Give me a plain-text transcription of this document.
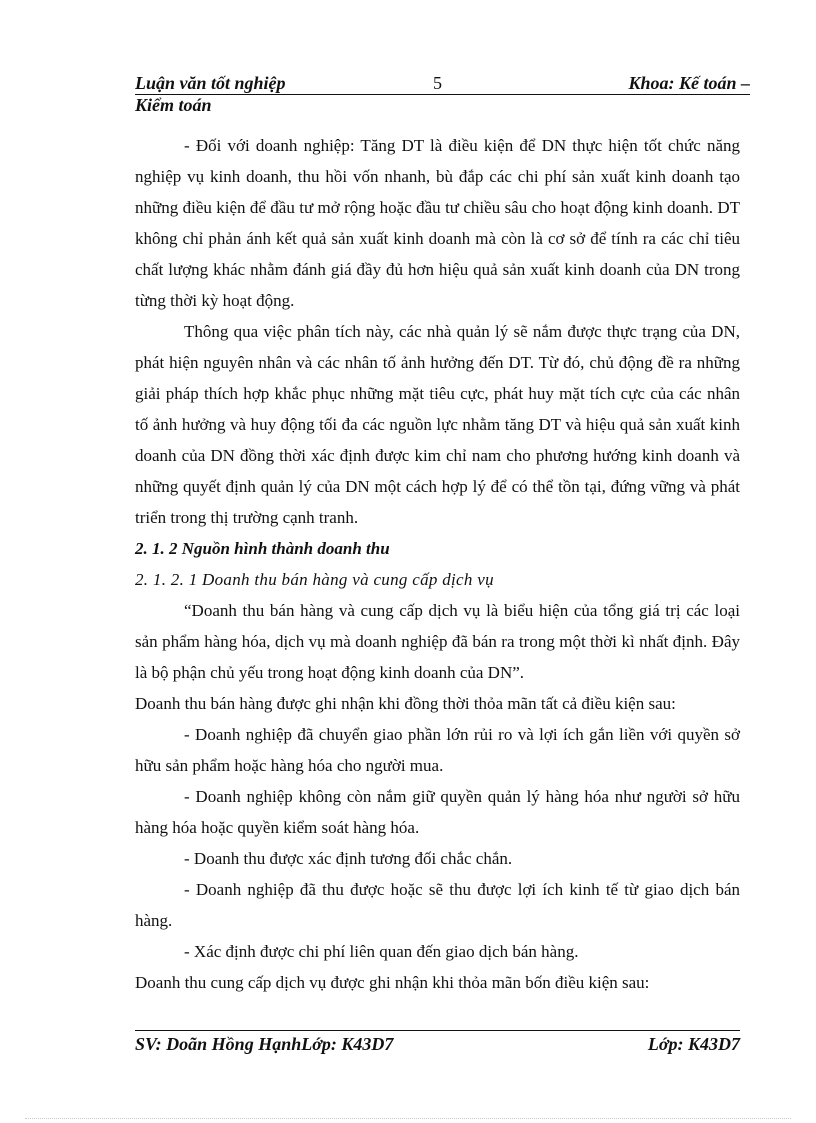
Luận văn tốt nghiệp	5	Khoa: Kế toán –
Kiểm toán

- Đối với doanh nghiệp: Tăng DT là điều kiện để DN thực hiện tốt chức năng nghiệp vụ kinh doanh, thu hồi vốn nhanh, bù đắp các chi phí sản xuất kinh doanh tạo những điều kiện để đầu tư mở rộng hoặc đầu tư chiều sâu cho hoạt động kinh doanh. DT không chỉ phản ánh kết quả sản xuất kinh doanh mà còn là cơ sở để tính ra các chỉ tiêu chất lượng khác nhằm đánh giá đầy đủ hơn hiệu quả sản xuất kinh doanh của DN trong từng thời kỳ hoạt động.

Thông qua việc phân tích này, các nhà quản lý sẽ nắm được thực trạng của DN, phát hiện nguyên nhân và các nhân tố ảnh hưởng đến DT. Từ đó, chủ động đề ra những giải pháp thích hợp khắc phục những mặt tiêu cực, phát huy mặt tích cực của các nhân tố ảnh hưởng và huy động tối đa các nguồn lực nhằm tăng DT và hiệu quả sản xuất kinh doanh của DN đồng thời xác định được kim chỉ nam cho phương hướng kinh doanh và những quyết định quản lý của DN một cách hợp lý để có thể tồn tại, đứng vững và phát triển trong thị trường cạnh tranh.

2. 1. 2 Nguồn hình thành doanh thu

2. 1. 2. 1 Doanh thu bán hàng và cung cấp dịch vụ

“Doanh thu bán hàng và cung cấp dịch vụ là biểu hiện của tổng giá trị các loại sản phẩm hàng hóa, dịch vụ mà doanh nghiệp đã bán ra trong một thời kì nhất định. Đây là bộ phận chủ yếu trong hoạt động kinh doanh của DN”.

Doanh thu bán hàng được ghi nhận khi đồng thời thỏa mãn tất cả điều kiện sau:

- Doanh nghiệp đã chuyển giao phần lớn rủi ro và lợi ích gắn liền với quyền sở hữu sản phẩm hoặc hàng hóa cho người mua.

- Doanh nghiệp không còn nắm giữ quyền quản lý hàng hóa như người sở hữu hàng hóa hoặc quyền kiểm soát hàng hóa.

- Doanh thu được xác định tương đối chắc chắn.

- Doanh nghiệp đã thu được hoặc sẽ thu được lợi ích kinh tế từ giao dịch bán hàng.

- Xác định được chi phí liên quan đến giao dịch bán hàng.

Doanh thu cung cấp dịch vụ được ghi nhận khi thỏa mãn bốn điều kiện sau:

SV: Doãn Hồng HạnhLớp: K43D7	Lớp: K43D7
